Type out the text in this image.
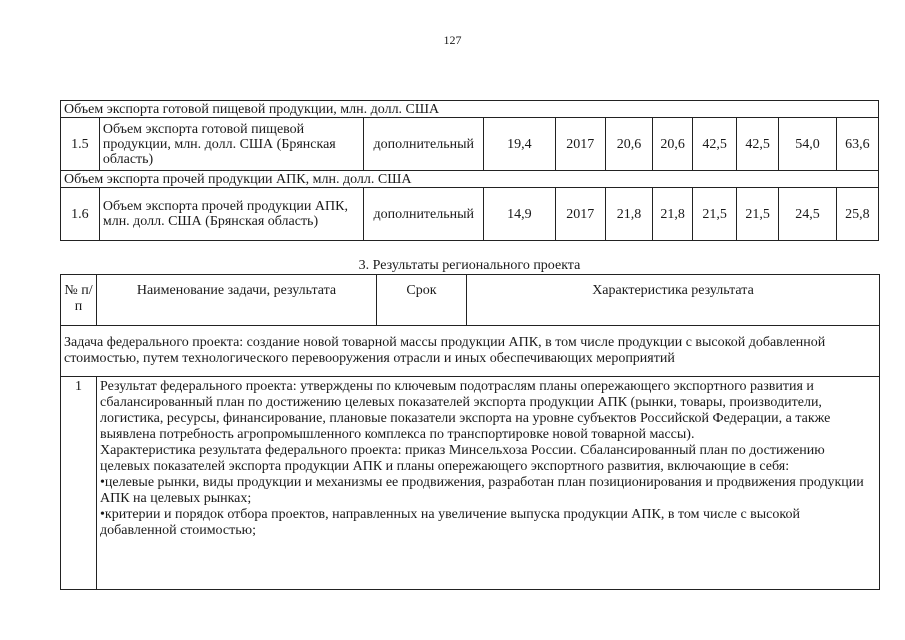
127
Объем экспорта готовой пищевой продукции, млн. долл. США										
1.5	Объем экспорта готовой пищевой продукции, млн. долл. США (Брянская область)	дополнительный	19,4	2017	20,6	20,6	42,5	42,5	54,0	63,6
Объем экспорта прочей продукции АПК, млн. долл. США										
1.6	Объем экспорта прочей продукции АПК, млн. долл. США (Брянская область)	дополнительный	14,9	2017	21,8	21,8	21,5	21,5	24,5	25,8
3. Результаты регионального проекта
№ п/п	Наименование задачи, результата	Срок	Характеристика результата
Задача федерального проекта: создание новой товарной массы продукции АПК, в том числе продукции с высокой добавленной стоимостью, путем технологического перевооружения отрасли и иных обеспечивающих мероприятий			
1	Результат федерального проекта: утверждены по ключевым подотраслям планы опережающего экспортного развития и сбалансированный план по достижению целевых показателей экспорта продукции АПК (рынки, товары, производители, логистика, ресурсы, финансирование, плановые показатели экспорта на уровне субъектов Российской Федерации, а также выявлена потребность агропромышленного комплекса по транспортировке новой товарной массы).

Характеристика результата федерального проекта: приказ Минсельхоза России. Сбалансированный план по достижению целевых показателей экспорта продукции АПК и планы опережающего экспортного развития, включающие в себя:

•целевые рынки, виды продукции и механизмы ее продвижения, разработан план позиционирования и продвижения продукции АПК на целевых рынках;

•критерии и порядок отбора проектов, направленных на увеличение выпуска продукции АПК, в том числе с высокой добавленной стоимостью;		
